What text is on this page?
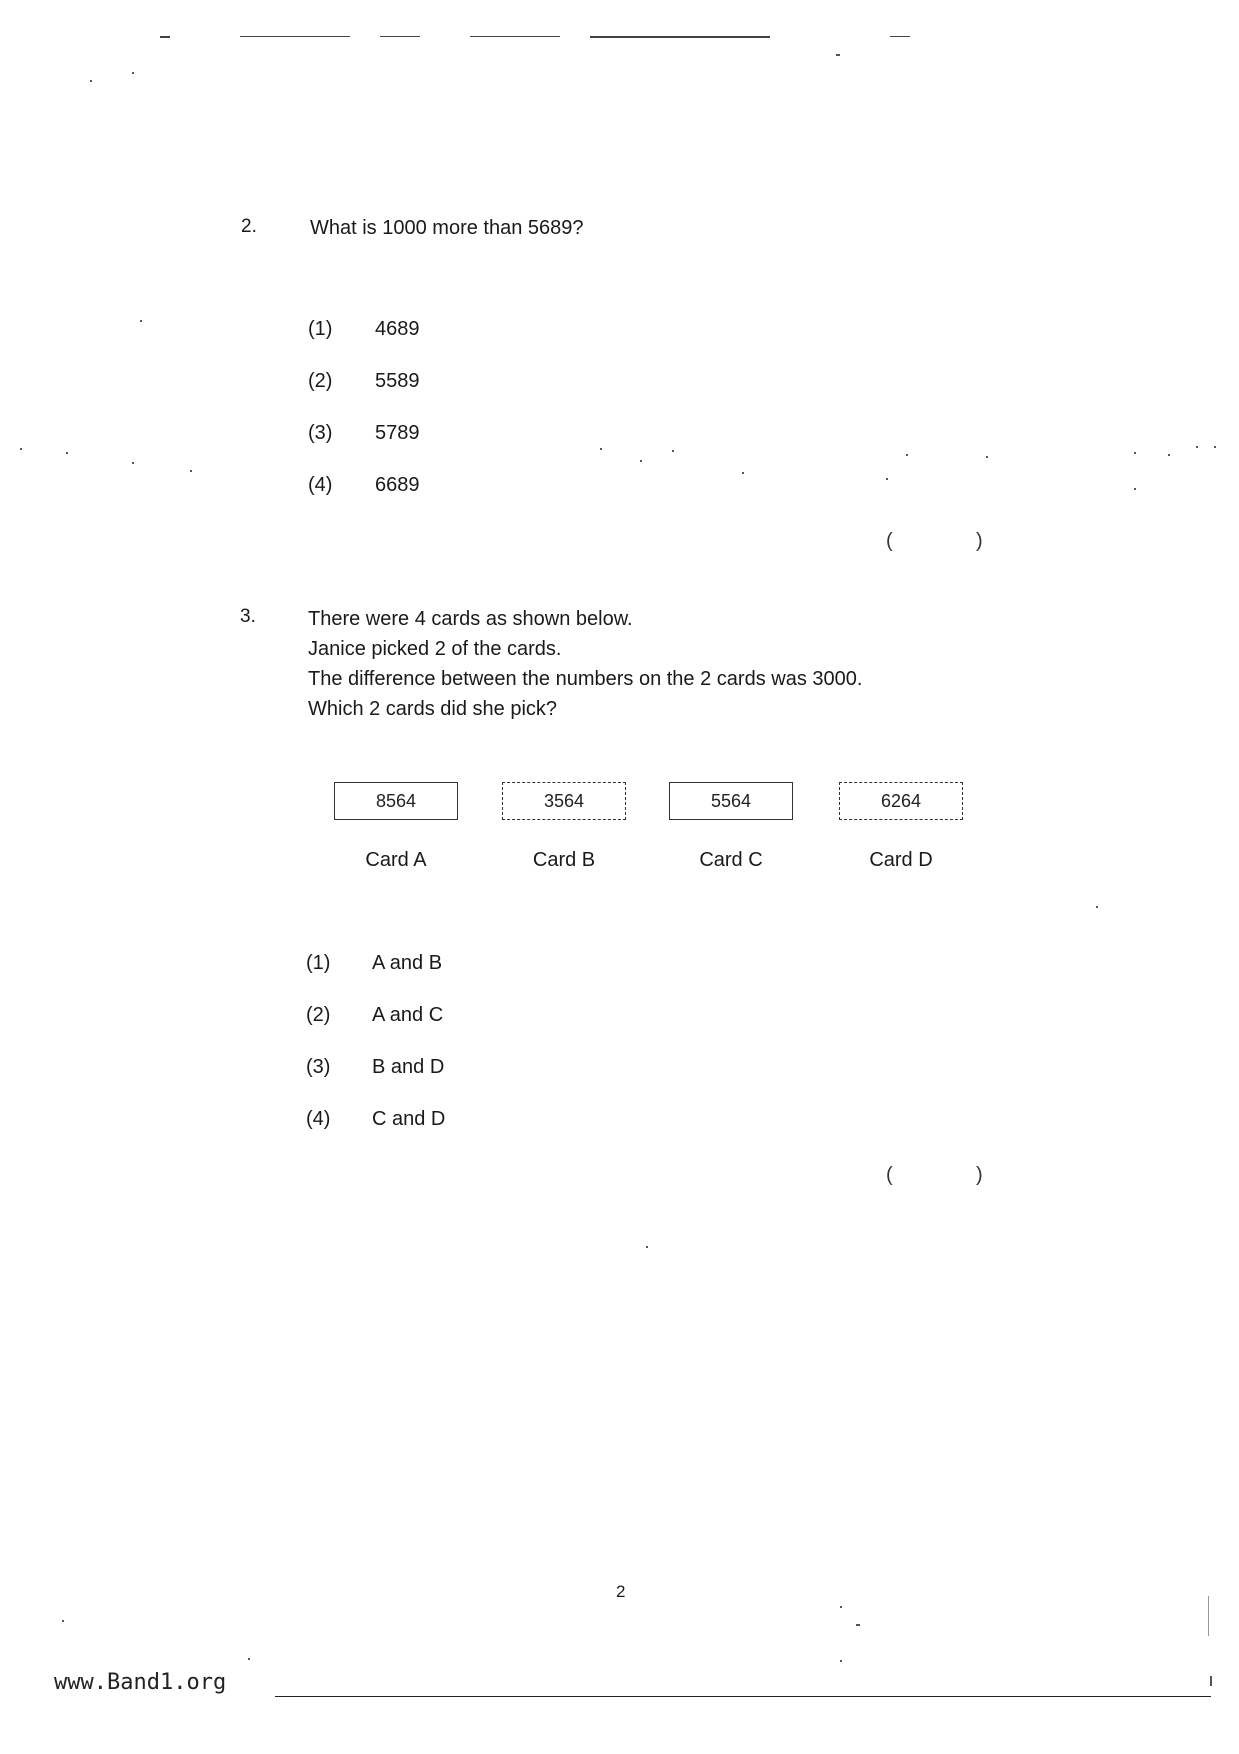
2.	What is 1000 more than 5689?
(1) 4689
(2) 5589
(3) 5789
(4) 6689
(	)
3.	There were 4 cards as shown below.
Janice picked 2 of the cards.
The difference between the numbers on the 2 cards was 3000.
Which 2 cards did she pick?
8564	3564	5564	6264
Card A	Card B	Card C	Card D
(1) A and B
(2) A and C
(3) B and D
(4) C and D
(	)
2
www.Band1.org
